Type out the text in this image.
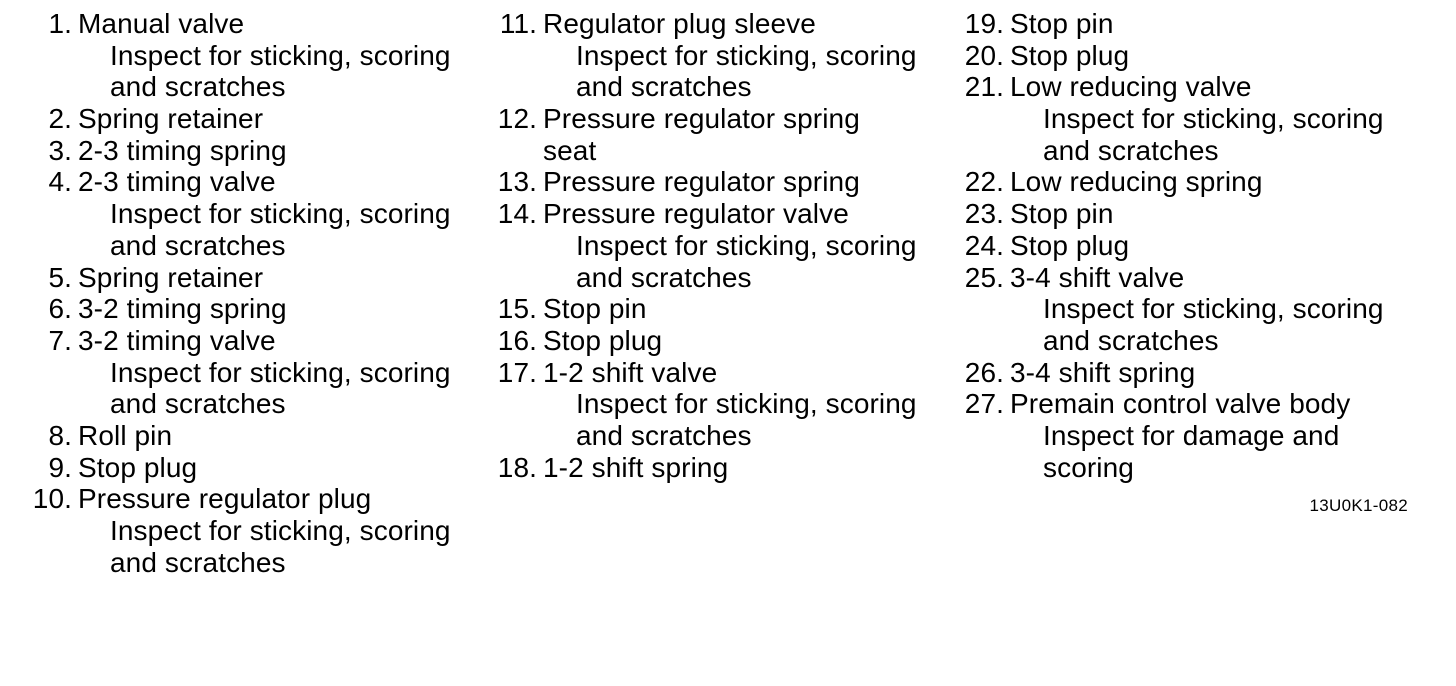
1. Manual valve
Inspect for sticking, scoring
and scratches
2. Spring retainer
3. 2-3 timing spring
4. 2-3 timing valve
Inspect for sticking, scoring
and scratches
5. Spring retainer
6. 3-2 timing spring
7. 3-2 timing valve
Inspect for sticking, scoring
and scratches
8. Roll pin
9. Stop plug
10. Pressure regulator plug
Inspect for sticking, scoring
and scratches
11. Regulator plug sleeve
Inspect for sticking, scoring
and scratches
12. Pressure regulator spring
seat
13. Pressure regulator spring
14. Pressure regulator valve
Inspect for sticking, scoring
and scratches
15. Stop pin
16. Stop plug
17. 1-2 shift valve
Inspect for sticking, scoring
and scratches
18. 1-2 shift spring
19. Stop pin
20. Stop plug
21. Low reducing valve
Inspect for sticking, scoring
and scratches
22. Low reducing spring
23. Stop pin
24. Stop plug
25. 3-4 shift valve
Inspect for sticking, scoring
and scratches
26. 3-4 shift spring
27. Premain control valve body
Inspect for damage and
scoring
13U0K1-082
